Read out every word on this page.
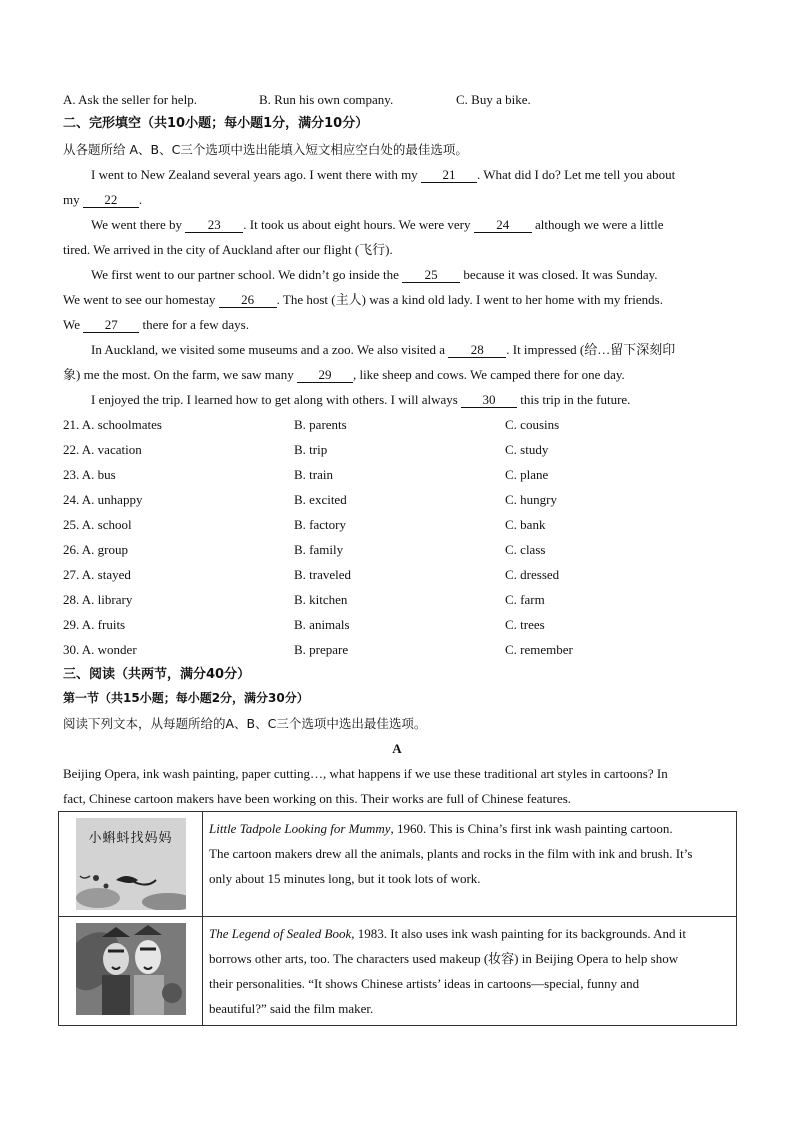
A. Ask the seller for help.	B. Run his own company.	C. Buy a bike.
二、完形填空（共10小题；每小题1分，满分10分）
从各题所给 A、B、C三个选项中选出能填入短文相应空白处的最佳选项。
I went to New Zealand several years ago. I went there with my 21 . What did I do? Let me tell you about
my 22 .
We went there by 23 . It took us about eight hours. We were very 24 although we were a little
tired. We arrived in the city of Auckland after our flight (飞行).
We first went to our partner school. We didn’t go inside the 25 because it was closed. It was Sunday.
We went to see our homestay 26 . The host (主人) was a kind old lady. I went to her home with my friends.
We 27 there for a few days.
In Auckland, we visited some museums and a zoo. We also visited a 28 . It impressed (给…留下深刻印
象) me the most. On the farm, we saw many 29 , like sheep and cows. We camped there for one day.
I enjoyed the trip. I learned how to get along with others. I will always 30 this trip in the future.
21. A. schoolmates	B. parents	C. cousins
22. A. vacation	B. trip	C. study
23. A. bus	B. train	C. plane
24. A. unhappy	B. excited	C. hungry
25. A. school	B. factory	C. bank
26. A. group	B. family	C. class
27. A. stayed	B. traveled	C. dressed
28. A. library	B. kitchen	C. farm
29. A. fruits	B. animals	C. trees
30. A. wonder	B. prepare	C. remember
三、阅读（共两节，满分40分）
第一节（共15小题；每小题2分，满分30分）
阅读下列文本，从每题所给的A、B、C三个选项中选出最佳选项。
A
Beijing Opera, ink wash painting, paper cutting…, what happens if we use these traditional art styles in cartoons? In
fact, Chinese cartoon makers have been working on this. Their works are full of Chinese features.
小蝌蚪找妈妈	Little Tadpole Looking for Mummy, 1960. This is China’s first ink wash painting cartoon.
The cartoon makers drew all the animals, plants and rocks in the film with ink and brush. It’s
only about 15 minutes long, but it took lots of work.

The Legend of Sealed Book, 1983. It also uses ink wash painting for its backgrounds. And it
borrows other arts, too. The characters used makeup (妆容) in Beijing Opera to help show
their personalities. “It shows Chinese artists’ ideas in cartoons—special, funny and
beautiful?” said the film maker.
